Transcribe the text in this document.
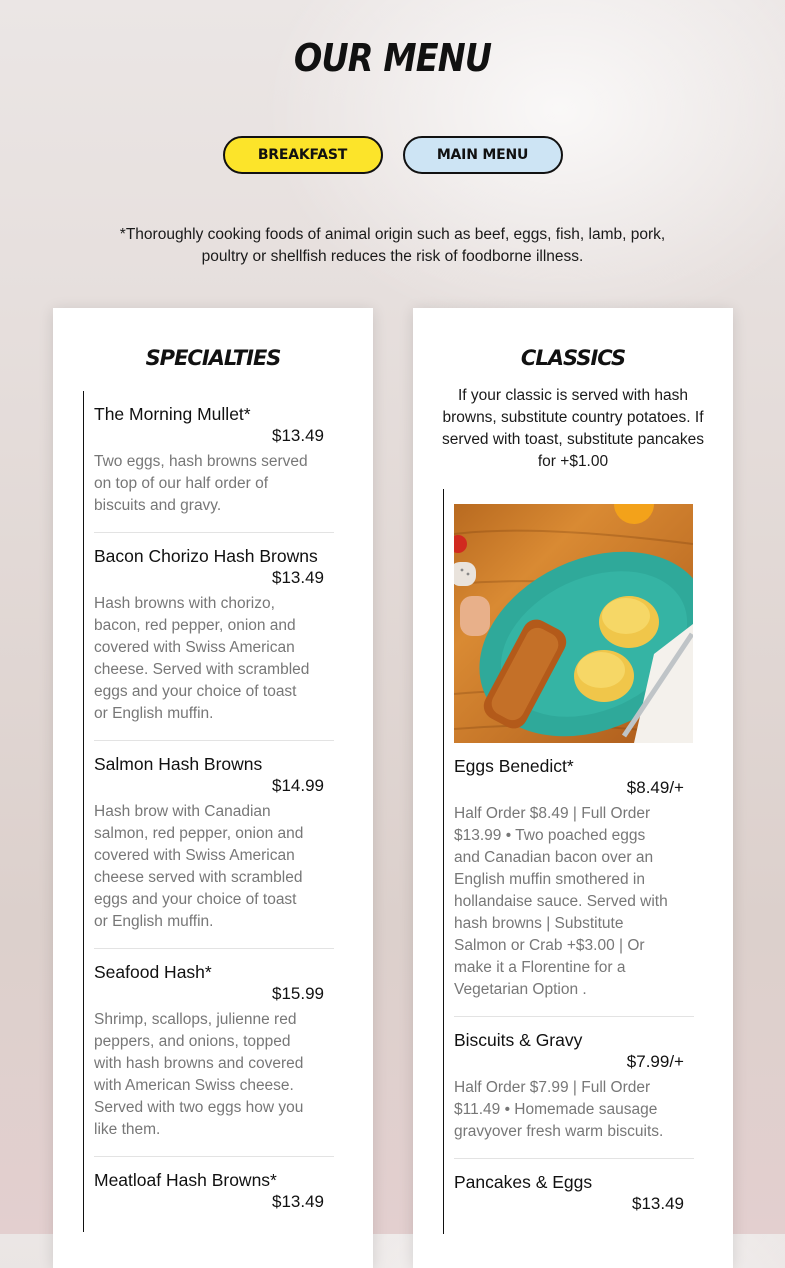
OUR MENU
BREAKFAST	MAIN MENU

*Thoroughly cooking foods of animal origin such as beef, eggs, fish, lamb, pork, poultry or shellfish reduces the risk of foodborne illness.

SPECIALTIES

The Morning Mullet*

$13.49

Two eggs, hash browns served on top of our half order of biscuits and gravy.

Bacon Chorizo Hash Browns

$13.49

Hash browns with chorizo, bacon, red pepper, onion and covered with Swiss American cheese. Served with scrambled eggs and your choice of toast or English muffin.

Salmon Hash Browns

$14.99

Hash brow with Canadian salmon, red pepper, onion and covered with Swiss American cheese served with scrambled eggs and your choice of toast or English muffin.

Seafood Hash*

$15.99

Shrimp, scallops, julienne red peppers, and onions, topped with hash browns and covered with American Swiss cheese. Served with two eggs how you like them.

Meatloaf Hash Browns*

$13.49

CLASSICS

If your classic is served with hash browns, substitute country potatoes. If served with toast, substitute pancakes for +$1.00

Eggs Benedict*

$8.49/+

Half Order $8.49 | Full Order $13.99 • Two poached eggs and Canadian bacon over an English muffin smothered in hollandaise sauce. Served with hash browns | Substitute Salmon or Crab +$3.00 | Or make it a Florentine for a Vegetarian Option .

Biscuits & Gravy

$7.99/+

Half Order $7.99 | Full Order $11.49 • Homemade sausage gravyover fresh warm biscuits.

Pancakes & Eggs

$13.49
